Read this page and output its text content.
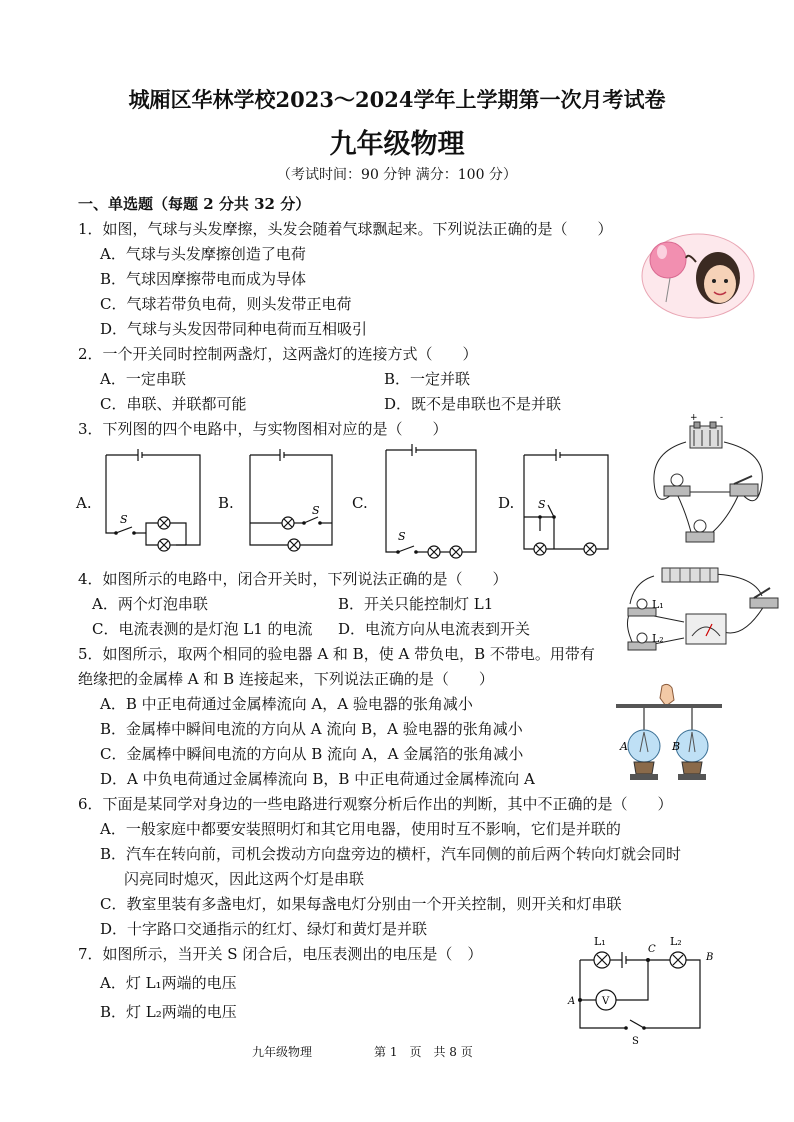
城厢区华林学校2023～2024学年上学期第一次月考试卷
九年级物理
（考试时间：90 分钟 满分：100 分）
一、单选题（每题 2 分共 32 分）
1．如图，气球与头发摩擦，头发会随着气球飘起来。下列说法正确的是（　　）
A．气球与头发摩擦创造了电荷
B．气球因摩擦带电而成为导体
C．气球若带负电荷，则头发带正电荷
D．气球与头发因带同种电荷而互相吸引
2．一个开关同时控制两盏灯，这两盏灯的连接方式（　　）
A．一定串联	B．一定并联
C．串联、并联都可能	D．既不是串联也不是并联
3．下列图的四个电路中，与实物图相对应的是（　　）
A.	B.	C.	D.
S
S
S
S
+ -
4．如图所示的电路中，闭合开关时，下列说法正确的是（　　）
A．两个灯泡串联	B．开关只能控制灯 L1
C．电流表测的是灯泡 L1 的电流 D．电流方向从电流表到开关
L₁
L₂
5．如图所示，取两个相同的验电器 A 和 B，使 A 带负电，B 不带电。用带有
绝缘把的金属棒 A 和 B 连接起来，下列说法正确的是（　　）
A．B 中正电荷通过金属棒流向 A，A 验电器的张角减小
B．金属棒中瞬间电流的方向从 A 流向 B，A 验电器的张角减小
C．金属棒中瞬间电流的方向从 B 流向 A，A 金属箔的张角减小
D．A 中负电荷通过金属棒流向 B，B 中正电荷通过金属棒流向 A
A	B
6．下面是某同学对身边的一些电路进行观察分析后作出的判断，其中不正确的是（　　）
A．一般家庭中都要安装照明灯和其它用电器，使用时互不影响，它们是并联的
B．汽车在转向前，司机会拨动方向盘旁边的横杆，汽车同侧的前后两个转向灯就会同时
闪亮同时熄灭，因此这两个灯是串联
C．教室里装有多盏电灯，如果每盏电灯分别由一个开关控制，则开关和灯串联
D．十字路口交通指示的红灯、绿灯和黄灯是并联
7．如图所示，当开关 S 闭合后，电压表测出的电压是（　）
A．灯 L₁两端的电压
B．灯 L₂两端的电压
L₁	L₂
C
B
A	V
S
九年级物理	第 1　页　共 8 页
